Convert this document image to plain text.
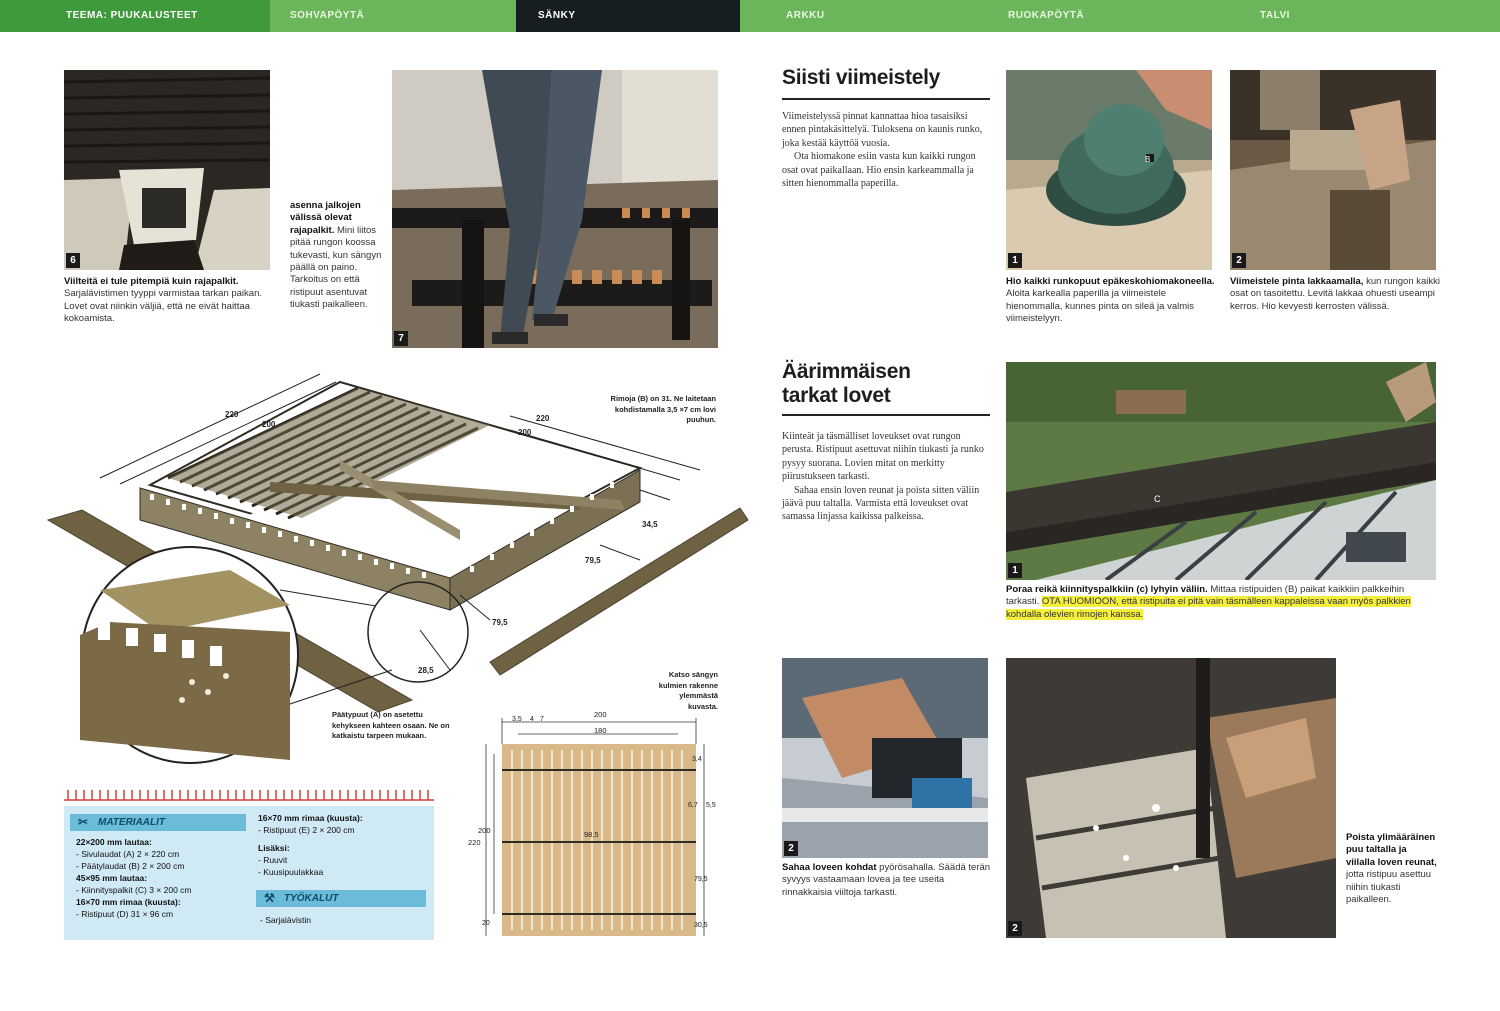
TEEMA: PUUKALUSTEET	SOHVAPÖYTÄ	SÄNKY	ARKKU	RUOKAPÖYTÄ	TALVI
6
Viilteitä ei tule pitempiä kuin rajapalkit. Sarjalävistimen tyyppi varmistaa tarkan paikan. Lovet ovat niinkin väljiä, että ne eivät haittaa kokoamista.
asenna jalkojen välissä olevat rajapalkit. Mini liitos pitää rungon koossa tukevasti, kun sängyn päällä on paino. Tarkoitus on että ristipuut asentuvat tiukasti paikalleen.
7
220
200
220
200
34,5
79,5
79,5
28,5
Rimoja (B) on 31. Ne laitetaan kohdistamalla 3,5 ×7 cm lovi puuhun.
Päätypuut (A) on asetettu kehykseen kahteen osaan. Ne on katkaistu tarpeen mukaan.
Katso sängyn kulmien rakenne ylemmästä kuvasta.
200
180
3,5 4 7
220
200	98,5
3,4
6,7 5,5
79,5
30,5
20
✂ MATERIAALIT
22×200 mm lautaa:
- Sivulaudat (A) 2 × 220 cm
- Päätylaudat (B) 2 × 200 cm
45×95 mm lautaa:
- Kiinnityspalkit (C) 3 × 200 cm
16×70 mm rimaa (kuusta):
- Ristipuut (D) 31 × 96 cm
16×70 mm rimaa (kuusta):
- Ristipuut (E) 2 × 200 cm
Lisäksi:
- Ruuvit
- Kuusipuulakkaa
⚒ TYÖKALUT
- Sarjalävistin
Siisti viimeistely
Viimeistelyssä pinnat kannattaa hioa tasaisiksi ennen pintakäsittelyä. Tuloksena on kaunis runko, joka kestää käyttöä vuosia.
Ota hiomakone esiin vasta kun kaikki rungon osat ovat paikallaan. Hio ensin karkeammalla ja sitten hienommalla paperilla.
B
1
Hio kaikki runkopuut epäkeskohiomakoneella. Aloita karkealla paperilla ja viimeistele hienommalla, kunnes pinta on sileä ja valmis viimeistelyyn.
2
Viimeistele pinta lakkaamalla, kun rungon kaikki osat on tasoitettu. Levitä lakkaa ohuesti useampi kerros. Hio kevyesti kerrosten välissä.
Äärimmäisen
tarkat lovet
Kiinteät ja täsmälliset loveukset ovat rungon perusta. Ristipuut asettuvat niihin tiukasti ja runko pysyy suorana. Lovien mitat on merkitty piirustukseen tarkasti.
Sahaa ensin loven reunat ja poista sitten väliin jäävä puu taltalla. Varmista että loveukset ovat samassa linjassa kaikissa palkeissa.
C
1
Poraa reikä kiinnityspalkkiin (c) lyhyin väliin. Mittaa ristipuiden (B) paikat kaikkiin palkkeihin tarkasti. OTA HUOMIOON, että ristipuita ei pitä vain täsmälleen kappaleissa vaan myös palkkien kohdalla olevien rimojen kanssa.
2
Sahaa loveen kohdat pyörösahalla. Säädä terän syvyys vastaamaan lovea ja tee useita rinnakkaisia viiltoja tarkasti.
2
Poista ylimääräinen puu taltalla ja viilalla loven reunat, jotta ristipuu asettuu niihin tiukasti paikalleen.
